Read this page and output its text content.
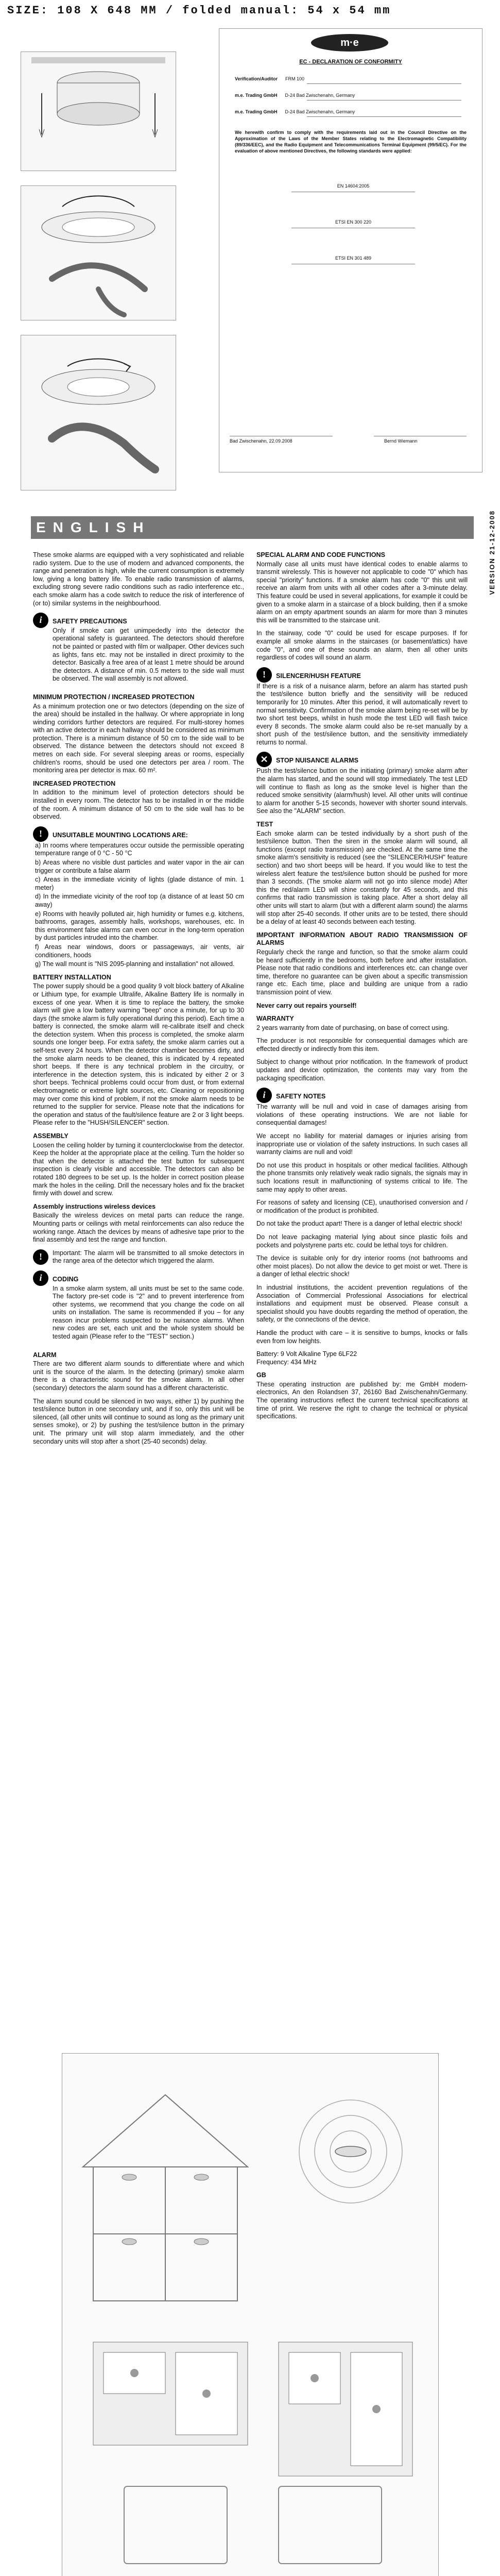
SIZE: 108 X 648 MM / folded manual: 54 x 54 mm
VERSION 21-12-2008
m·e
EC - DECLARATION OF CONFORMITY
Verification/Auditor FRM 100
m.e. Trading GmbH D-24 Bad Zwischenahn, Germany
m.e. Trading GmbH D-24 Bad Zwischenahn, Germany
We herewith confirm to comply with the requirements laid out in the Council Directive on the Approximation of the Laws of the Member States relating to the Electromagnetic Compatibility (89/336/EEC), and the Radio Equipment and Telecommunications Terminal Equipment (99/5/EC). For the evaluation of above mentioned Directives, the following standards were applied:
EN 14604:2005
ETSI EN 300 220
ETSI EN 301 489
Bad Zwischenahn, 22.09.2008	Bernd Wiemann
ENGLISH

These smoke alarms are equipped with a very sophisticated and reliable radio system. Due to the use of modern and advanced components, the range and penetration is high, while the current consumption is extremely low, giving a long battery life. To enable radio transmission of alarms, excluding strong severe radio conditions such as radio interference etc., each smoke alarm has a code switch to reduce the risk of interference of (or to) similar systems in the neighbourhood.

i	SAFETY PRECAUTIONS

Only if smoke can get unimpededly into the detector the operational safety is guaranteed. The detectors should therefore not be painted or pasted with film or wallpaper. Other devices such as lights, fans etc. may not be installed in direct proximity to the detector. Basically a free area of at least 1 metre should be around the detectors. A distance of min. 0.5 meters to the side wall must be observed. The wall assembly is not allowed.

MINIMUM PROTECTION / INCREASED PROTECTION

As a minimum protection one or two detectors (depending on the size of the area) should be installed in the hallway. Or where appropriate in long winding corridors further detectors are required. For multi-storey homes with an active detector in each hallway should be considered as minimum protection. There is a minimum distance of 50 cm to the side wall to be observed. The distance between the detectors should not exceed 8 metres on each side. For several sleeping areas or rooms, especially children's rooms, should be used one detectors per area / room. The monitoring area per detector is max. 60 m².

INCREASED PROTECTION

In addition to the minimum level of protection detectors should be installed in every room. The detector has to be installed in or the middle of the room. A minimum distance of 50 cm to the side wall has to be observed.

!	UNSUITABLE MOUNTING LOCATIONS ARE:
a) In rooms where temperatures occur outside the permissible operating temperature range of 0 °C - 50 °C
b) Areas where no visible dust particles and water vapor in the air can trigger or contribute a false alarm
c) Areas in the immediate vicinity of lights (glade distance of min. 1 meter)
d) In the immediate vicinity of the roof top (a distance of at least 50 cm away)
e) Rooms with heavily polluted air, high humidity or fumes e.g. kitchens, bathrooms, garages, assembly halls, workshops, warehouses, etc. In this environment false alarms can even occur in the long-term operation by dust particles intruded into the chamber.
f) Areas near windows, doors or passageways, air vents, air conditioners, hoods
g) The wall mount is "NIS 2095-planning and installation" not allowed.
BATTERY INSTALLATION

The power supply should be a good quality 9 volt block battery of Alkaline or Lithium type, for example Ultralife, Alkaline Battery life is normally in excess of one year. When it is time to replace the battery, the smoke alarm will give a low battery warning "beep" once a minute, for up to 30 days (the smoke alarm is fully operational during this period). Each time a battery is connected, the smoke alarm will re-calibrate itself and check the detection system. When this process is completed, the smoke alarm sounds one longer beep. For extra safety, the smoke alarm carries out a self-test every 24 hours. When the detector chamber becomes dirty, and the smoke alarm needs to be cleaned, this is indicated by 4 repeated short beeps. If there is any technical problem in the circuitry, or interference in the detection system, this is indicated by either 2 or 3 short beeps. Technical problems could occur from dust, or from external electromagnetic or extreme light sources, etc. Cleaning or repositioning may over come this kind of problem, if not the smoke alarm needs to be returned to the supplier for service. Please note that the indications for the operation and status of the fault/silence feature are 2 or 3 light beeps. Please refer to the "HUSH/SILENCER" section.

ASSEMBLY

Loosen the ceiling holder by turning it counterclockwise from the detector. Keep the holder at the appropriate place at the ceiling. Turn the holder so that when the detector is attached the test button for subsequent inspection is clearly visible and accessible. The detectors can also be rotated 180 degrees to be set up. Is the holder in correct position please mark the holes in the ceiling. Drill the necessary holes and fix the bracket firmly with dowel and screw.

Assembly instructions wireless devices

Basically the wireless devices on metal parts can reduce the range. Mounting parts or ceilings with metal reinforcements can also reduce the working range. Attach the devices by means of adhesive tape prior to the final assembly and test the range and function.

!	Important: The alarm will be transmitted to all smoke detectors in the range area of the detector which triggered the alarm.

i	CODING

In a smoke alarm system, all units must be set to the same code. The factory pre-set code is "2" and to prevent interference from other systems, we recommend that you change the code on all units on installation. The same is recommended if you – for any reason incur problems suspected to be nuisance alarms. When new codes are set, each unit and the whole system should be tested again (Please refer to the "TEST" section.)

ALARM

There are two different alarm sounds to differentiate where and which unit is the source of the alarm. In the detecting (primary) smoke alarm there is a characteristic sound for the smoke alarm. In all other (secondary) detectors the alarm sound has a different characteristic.

The alarm sound could be silenced in two ways, either 1) by pushing the test/silence button in one secondary unit, and if so, only this unit will be silenced, (all other units will continue to sound as long as the primary unit senses smoke), or 2) by pushing the test/silence button in the primary unit. The primary unit will stop alarm immediately, and the other secondary units will stop after a short (25-40 seconds) delay.

SPECIAL ALARM AND CODE FUNCTIONS

Normally case all units must have identical codes to enable alarms to transmit wirelessly. This is however not applicable to code "0" which has special "priority" functions. If a smoke alarm has code "0" this unit will receive an alarm from units with all other codes after a 3-minute delay. This feature could be used in several applications, for example it could be given to a smoke alarm in a staircase of a block building, then if a smoke alarm on an empty apartment sounds an alarm for more than 3 minutes this will be transmitted to the staircase unit.

In the stairway, code "0" could be used for escape purposes. If for example all smoke alarms in the staircases (or basement/attics) have code "0", and one of these sounds an alarm, then all other units regardless of codes will sound an alarm.

!	SILENCER/HUSH FEATURE

If there is a risk of a nuisance alarm, before an alarm has started push the test/silence button briefly and the sensitivity will be reduced temporarily for 10 minutes. After this period, it will automatically revert to normal sensitivity. Confirmation of the smoke alarm being re-set will be by two short test beeps, whilst in hush mode the test LED will flash twice every 8 seconds. The smoke alarm could also be re-set manually by a short push of the test/silence button, and the sensitivity immediately returns to normal.

✕	STOP NUISANCE ALARMS

Push the test/silence button on the initiating (primary) smoke alarm after the alarm has started, and the sound will stop immediately. The test LED will continue to flash as long as the smoke level is higher than the reduced smoke sensitivity (alarm/hush) level. All other units will continue to alarm for another 5-15 seconds, however with shorter sound intervals. See also the "ALARM" section.

TEST

Each smoke alarm can be tested individually by a short push of the test/silence button. Then the siren in the smoke alarm will sound, all functions (except radio transmission) are checked. At the same time the smoke alarm's sensitivity is reduced (see the "SILENCER/HUSH" feature section) and two short beeps will be heard. If you would like to test the wireless alert feature the test/silence button should be pushed for more than 3 seconds. (The smoke alarm will not go into silence mode) After this the red/alarm LED will shine constantly for 45 seconds, and this confirms that radio transmission is taking place. After a short delay all other units will start to alarm (but with a different alarm sound) the alarms will stop after 25-40 seconds. If other units are to be tested, there should be a delay of at least 40 seconds between each testing.

IMPORTANT INFORMATION ABOUT RADIO TRANSMISSION OF ALARMS

Regularly check the range and function, so that the smoke alarm could be heard sufficiently in the bedrooms, both before and after installation. Please note that radio conditions and interferences etc. can change over time, therefore no guarantee can be given about a specific transmission range etc. Each time, place and building are unique from a radio transmission point of view.

Never carry out repairs yourself!

WARRANTY

2 years warranty from date of purchasing, on base of correct using.

The producer is not responsible for consequential damages which are effected directly or indirectly from this item.

Subject to change without prior notification. In the framework of product updates and device optimization, the contents may vary from the packaging specification.

i	SAFETY NOTES

The warranty will be null and void in case of damages arising from violations of these operating instructions. We are not liable for consequential damages!

We accept no liability for material damages or injuries arising from inappropriate use or violation of the safety instructions. In such cases all warranty claims are null and void!

Do not use this product in hospitals or other medical facilities. Although the phone transmits only relatively weak radio signals, the signals may in such locations result in malfunctioning of systems critical to life. The same may apply to other areas.

For reasons of safety and licensing (CE), unauthorised conversion and / or modification of the product is prohibited.

Do not take the product apart! There is a danger of lethal electric shock!

Do not leave packaging material lying about since plastic foils and pockets and polystyrene parts etc. could be lethal toys for children.

The device is suitable only for dry interior rooms (not bathrooms and other moist places). Do not allow the device to get moist or wet. There is a danger of lethal electric shock!

In industrial institutions, the accident prevention regulations of the Association of Commercial Professional Associations for electrical installations and equipment must be observed. Please consult a specialist should you have doubts regarding the method of operation, the safety, or the connections of the device.

Handle the product with care – it is sensitive to bumps, knocks or falls even from low heights.

Battery: 9 Volt Alkaline Type 6LF22

Frequency: 434 MHz

GB

These operating instruction are published by: me GmbH modern-electronics, An den Rolandsen 37, 26160 Bad Zwischenahn/Germany. The operating instructions reflect the current technical specifications at time of print. We reserve the right to change the technical or physical specifications.
